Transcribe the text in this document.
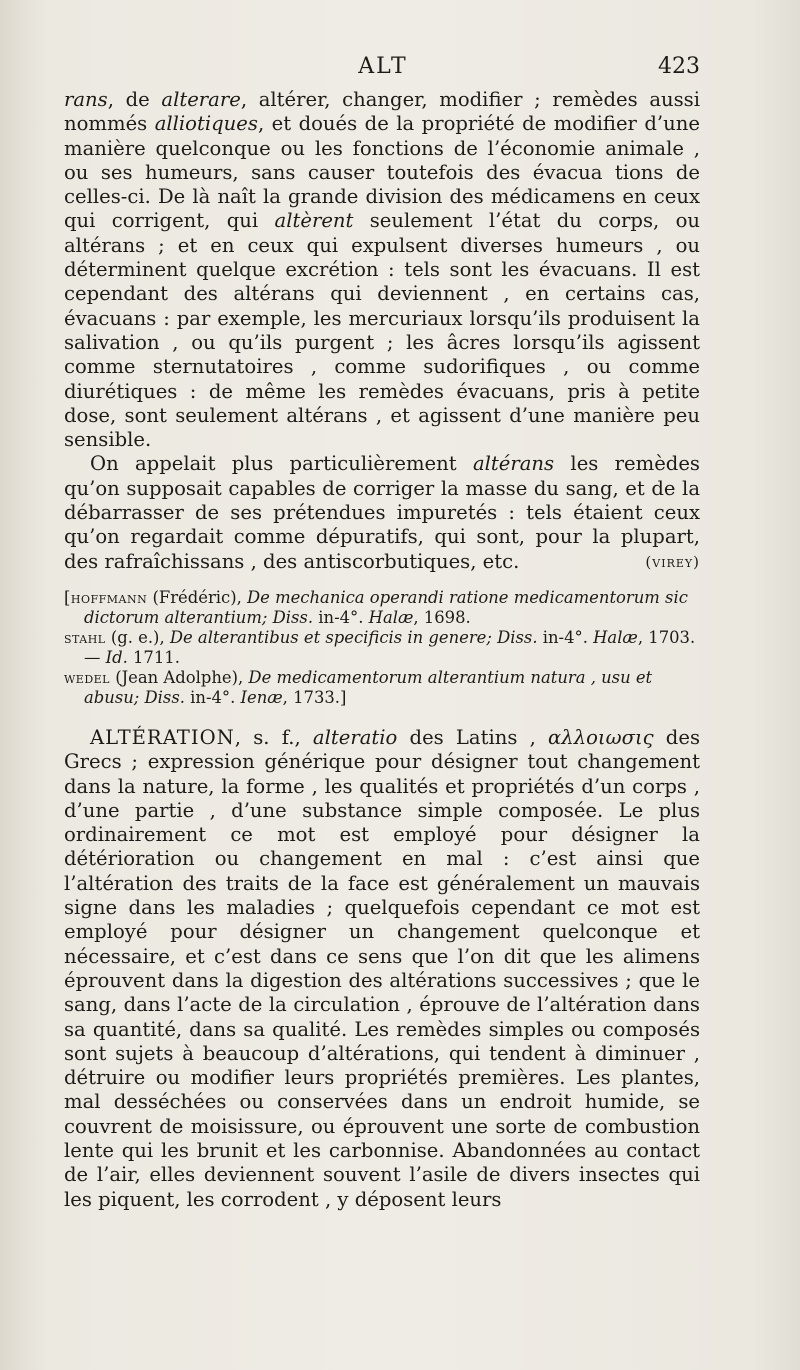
ALT	423

rans, de alterare, altérer, changer, modifier ; remèdes aussi nommés alliotiques, et doués de la propriété de modifier d’une manière quelconque ou les fonctions de l’économie animale , ou ses humeurs, sans causer toutefois des évacua tions de celles-ci. De là naît la grande division des médicamens en ceux qui corrigent, qui altèrent seulement l’état du corps, ou altérans ; et en ceux qui expulsent diverses humeurs , ou déterminent quelque excrétion : tels sont les évacuans. Il est cependant des altérans qui deviennent , en certains cas, évacuans : par exemple, les mercuriaux lorsqu’ils produisent la salivation , ou qu’ils purgent ; les âcres lorsqu’ils agissent comme sternutatoires , comme sudorifiques , ou comme diurétiques : de même les remèdes évacuans, pris à petite dose, sont seulement altérans , et agissent d’une manière peu sensible.

On appelait plus particulièrement altérans les remèdes qu’on supposait capables de corriger la masse du sang, et de la débarrasser de ses prétendues impuretés : tels étaient ceux qu’on regardait comme dépuratifs, qui sont, pour la plupart, des rafraîchissans , des antiscorbutiques, etc.	(virey)

[hoffmann (Frédéric), De mechanica operandi ratione medicamentorum sic dictorum alterantium; Diss. in-4°. Halæ, 1698.

stahl (g. e.), De alterantibus et specificis in genere; Diss. in-4°. Halæ, 1703. — Id. 1711.

wedel (Jean Adolphe), De medicamentorum alterantium natura , usu et abusu; Diss. in-4°. Ienæ, 1733.]

ALTÉRATION, s. f., alteratio des Latins , αλλοιωσις des Grecs ; expression générique pour désigner tout changement dans la nature, la forme , les qualités et propriétés d’un corps , d’une partie , d’une substance simple composée. Le plus ordinairement ce mot est employé pour désigner la détérioration ou changement en mal : c’est ainsi que l’altération des traits de la face est généralement un mauvais signe dans les maladies ; quelquefois cependant ce mot est employé pour désigner un changement quelconque et nécessaire, et c’est dans ce sens que l’on dit que les alimens éprouvent dans la digestion des altérations successives ; que le sang, dans l’acte de la circulation , éprouve de l’altération dans sa quantité, dans sa qualité. Les remèdes simples ou composés sont sujets à beaucoup d’altérations, qui tendent à diminuer , détruire ou modifier leurs propriétés premières. Les plantes, mal desséchées ou conservées dans un endroit humide, se couvrent de moisissure, ou éprouvent une sorte de combustion lente qui les brunit et les carbonnise. Abandonnées au contact de l’air, elles deviennent souvent l’asile de divers insectes qui les piquent, les corrodent , y déposent leurs
